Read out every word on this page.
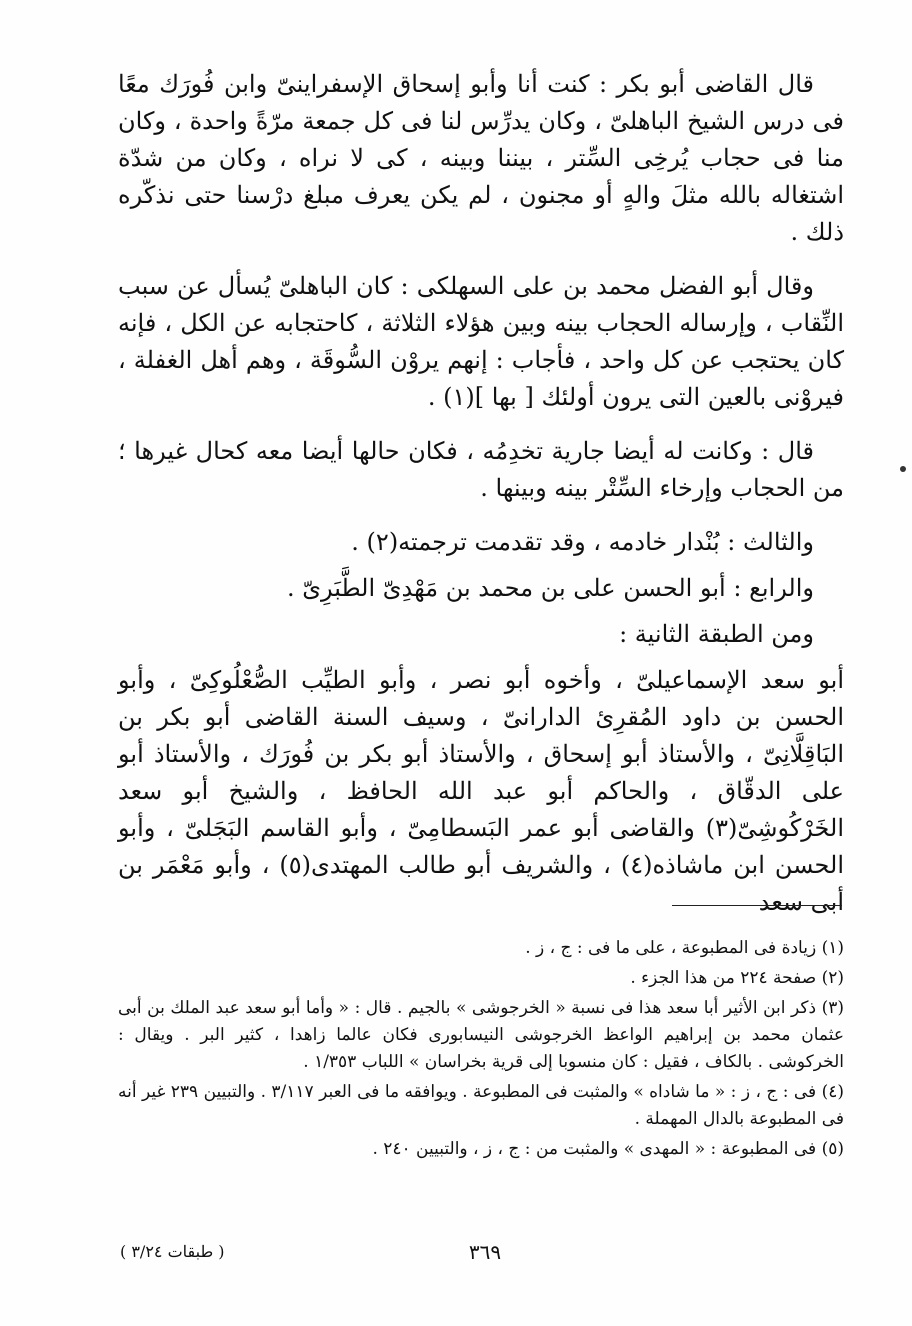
قال القاضى أبو بكر : كنت أنا وأبو إسحاق الإسفراينىّ وابن فُورَك معًا فى درس الشيخ الباهلىّ ، وكان يدرِّس لنا فى كل جمعة مرّةً واحدة ، وكان منا فى حجاب يُرخِى السِّتر ، بيننا وبينه ، كى لا نراه ، وكان من شدّة اشتغاله بالله مثلَ والهٍ أو مجنون ، لم يكن يعرف مبلغ درْسنا حتى نذكّره ذلك .

وقال أبو الفضل محمد بن على السهلكى : كان الباهلىّ يُسأل عن سبب النِّقاب ، وإرساله الحجاب بينه وبين هؤلاء الثلاثة ، كاحتجابه عن الكل ، فإنه كان يحتجب عن كل واحد ، فأجاب : إنهم يروْن السُّوقَة ، وهم أهل الغفلة ، فيروْنى بالعين التى يرون أولئك [ بها ](١) .

قال : وكانت له أيضا جارية تخدِمُه ، فكان حالها أيضا معه كحال غيرها ؛ من الحجاب وإرخاء السِّتْر بينه وبينها .

والثالث : بُنْدار خادمه ، وقد تقدمت ترجمته(٢) .

والرابع : أبو الحسن على بن محمد بن مَهْدِىّ الطَّبَرِىّ .

ومن الطبقة الثانية :

أبو سعد الإسماعيلىّ ، وأخوه أبو نصر ، وأبو الطيِّب الصُّعْلُوكِىّ ، وأبو الحسن بن داود المُقرِئ الدارانىّ ، وسيف السنة القاضى أبو بكر بن البَاقِلَّانِىّ ، والأستاذ أبو إسحاق ، والأستاذ أبو بكر بن فُورَك ، والأستاذ أبو على الدقّاق ، والحاكم أبو عبد الله الحافظ ، والشيخ أبو سعد الخَرْكُوشِىّ(٣) والقاضى أبو عمر البَسطامِىّ ، وأبو القاسم البَجَلىّ ، وأبو الحسن ابن ماشاذه(٤) ، والشريف أبو طالب المهتدى(٥) ، وأبو مَعْمَر بن أبى سعد

(١) زيادة فى المطبوعة ، على ما فى : ج ، ز .

(٢) صفحة ٢٢٤ من هذا الجزء .

(٣) ذكر ابن الأثير أبا سعد هذا فى نسبة « الخرجوشى » بالجيم . قال : « وأما أبو سعد عبد الملك بن أبى عثمان محمد بن إبراهيم الواعظ الخرجوشى النيسابورى فكان عالما زاهدا ، كثير البر . ويقال : الخركوشى . بالكاف ، فقيل : كان منسوبا إلى قرية بخراسان » اللباب ١/٣٥٣ .

(٤) فى : ج ، ز : « ما شاداه » والمثبت فى المطبوعة . ويوافقه ما فى العبر ٣/١١٧ . والتبيين ٢٣٩ غير أنه فى المطبوعة بالدال المهملة .

(٥) فى المطبوعة : « المهدى » والمثبت من : ج ، ز ، والتبيين ٢٤٠ .

٣٦٩
( طبقات ٣/٢٤ )
